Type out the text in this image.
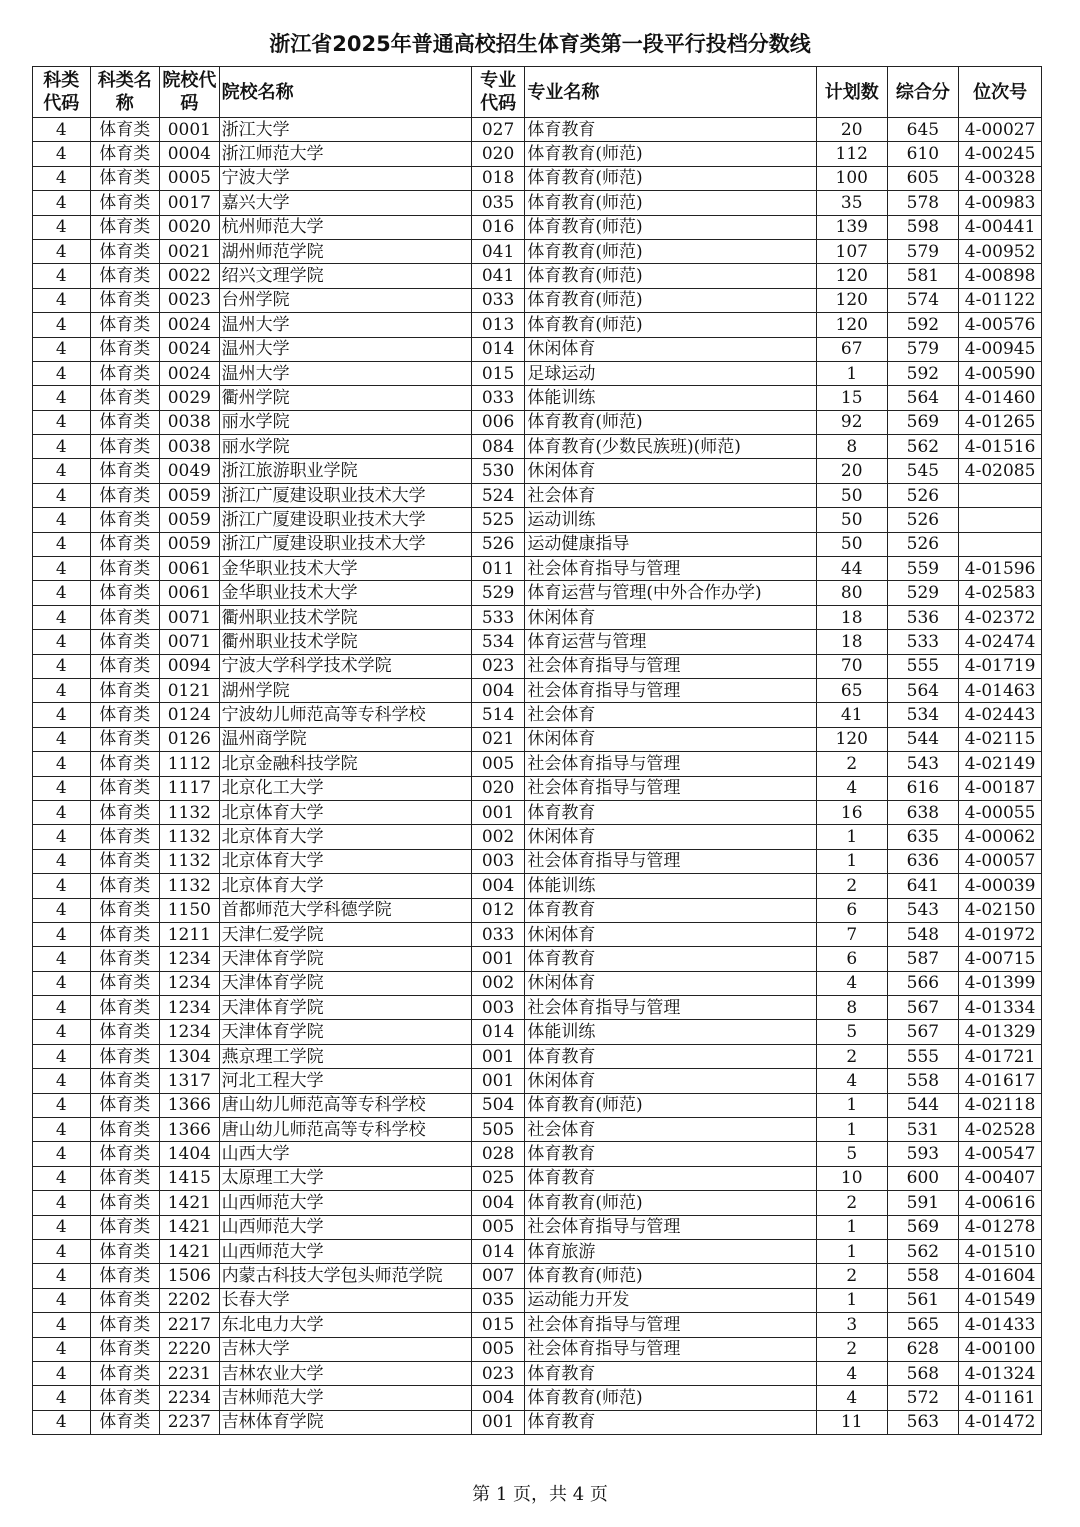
浙江省2025年普通高校招生体育类第一段平行投档分数线
科类代码	科类名称	院校代码	院校名称	专业代码	专业名称	计划数	综合分	位次号
4	体育类	0001	浙江大学	027	体育教育	20	645	4-00027
4	体育类	0004	浙江师范大学	020	体育教育(师范)	112	610	4-00245
4	体育类	0005	宁波大学	018	体育教育(师范)	100	605	4-00328
4	体育类	0017	嘉兴大学	035	体育教育(师范)	35	578	4-00983
4	体育类	0020	杭州师范大学	016	体育教育(师范)	139	598	4-00441
4	体育类	0021	湖州师范学院	041	体育教育(师范)	107	579	4-00952
4	体育类	0022	绍兴文理学院	041	体育教育(师范)	120	581	4-00898
4	体育类	0023	台州学院	033	体育教育(师范)	120	574	4-01122
4	体育类	0024	温州大学	013	体育教育(师范)	120	592	4-00576
4	体育类	0024	温州大学	014	休闲体育	67	579	4-00945
4	体育类	0024	温州大学	015	足球运动	1	592	4-00590
4	体育类	0029	衢州学院	033	体能训练	15	564	4-01460
4	体育类	0038	丽水学院	006	体育教育(师范)	92	569	4-01265
4	体育类	0038	丽水学院	084	体育教育(少数民族班)(师范)	8	562	4-01516
4	体育类	0049	浙江旅游职业学院	530	休闲体育	20	545	4-02085
4	体育类	0059	浙江广厦建设职业技术大学	524	社会体育	50	526	
4	体育类	0059	浙江广厦建设职业技术大学	525	运动训练	50	526	
4	体育类	0059	浙江广厦建设职业技术大学	526	运动健康指导	50	526	
4	体育类	0061	金华职业技术大学	011	社会体育指导与管理	44	559	4-01596
4	体育类	0061	金华职业技术大学	529	体育运营与管理(中外合作办学)	80	529	4-02583
4	体育类	0071	衢州职业技术学院	533	休闲体育	18	536	4-02372
4	体育类	0071	衢州职业技术学院	534	体育运营与管理	18	533	4-02474
4	体育类	0094	宁波大学科学技术学院	023	社会体育指导与管理	70	555	4-01719
4	体育类	0121	湖州学院	004	社会体育指导与管理	65	564	4-01463
4	体育类	0124	宁波幼儿师范高等专科学校	514	社会体育	41	534	4-02443
4	体育类	0126	温州商学院	021	休闲体育	120	544	4-02115
4	体育类	1112	北京金融科技学院	005	社会体育指导与管理	2	543	4-02149
4	体育类	1117	北京化工大学	020	社会体育指导与管理	4	616	4-00187
4	体育类	1132	北京体育大学	001	体育教育	16	638	4-00055
4	体育类	1132	北京体育大学	002	休闲体育	1	635	4-00062
4	体育类	1132	北京体育大学	003	社会体育指导与管理	1	636	4-00057
4	体育类	1132	北京体育大学	004	体能训练	2	641	4-00039
4	体育类	1150	首都师范大学科德学院	012	体育教育	6	543	4-02150
4	体育类	1211	天津仁爱学院	033	休闲体育	7	548	4-01972
4	体育类	1234	天津体育学院	001	体育教育	6	587	4-00715
4	体育类	1234	天津体育学院	002	休闲体育	4	566	4-01399
4	体育类	1234	天津体育学院	003	社会体育指导与管理	8	567	4-01334
4	体育类	1234	天津体育学院	014	体能训练	5	567	4-01329
4	体育类	1304	燕京理工学院	001	体育教育	2	555	4-01721
4	体育类	1317	河北工程大学	001	休闲体育	4	558	4-01617
4	体育类	1366	唐山幼儿师范高等专科学校	504	体育教育(师范)	1	544	4-02118
4	体育类	1366	唐山幼儿师范高等专科学校	505	社会体育	1	531	4-02528
4	体育类	1404	山西大学	028	体育教育	5	593	4-00547
4	体育类	1415	太原理工大学	025	体育教育	10	600	4-00407
4	体育类	1421	山西师范大学	004	体育教育(师范)	2	591	4-00616
4	体育类	1421	山西师范大学	005	社会体育指导与管理	1	569	4-01278
4	体育类	1421	山西师范大学	014	体育旅游	1	562	4-01510
4	体育类	1506	内蒙古科技大学包头师范学院	007	体育教育(师范)	2	558	4-01604
4	体育类	2202	长春大学	035	运动能力开发	1	561	4-01549
4	体育类	2217	东北电力大学	015	社会体育指导与管理	3	565	4-01433
4	体育类	2220	吉林大学	005	社会体育指导与管理	2	628	4-00100
4	体育类	2231	吉林农业大学	023	体育教育	4	568	4-01324
4	体育类	2234	吉林师范大学	004	体育教育(师范)	4	572	4-01161
4	体育类	2237	吉林体育学院	001	体育教育	11	563	4-01472
第 1 页，共 4 页
